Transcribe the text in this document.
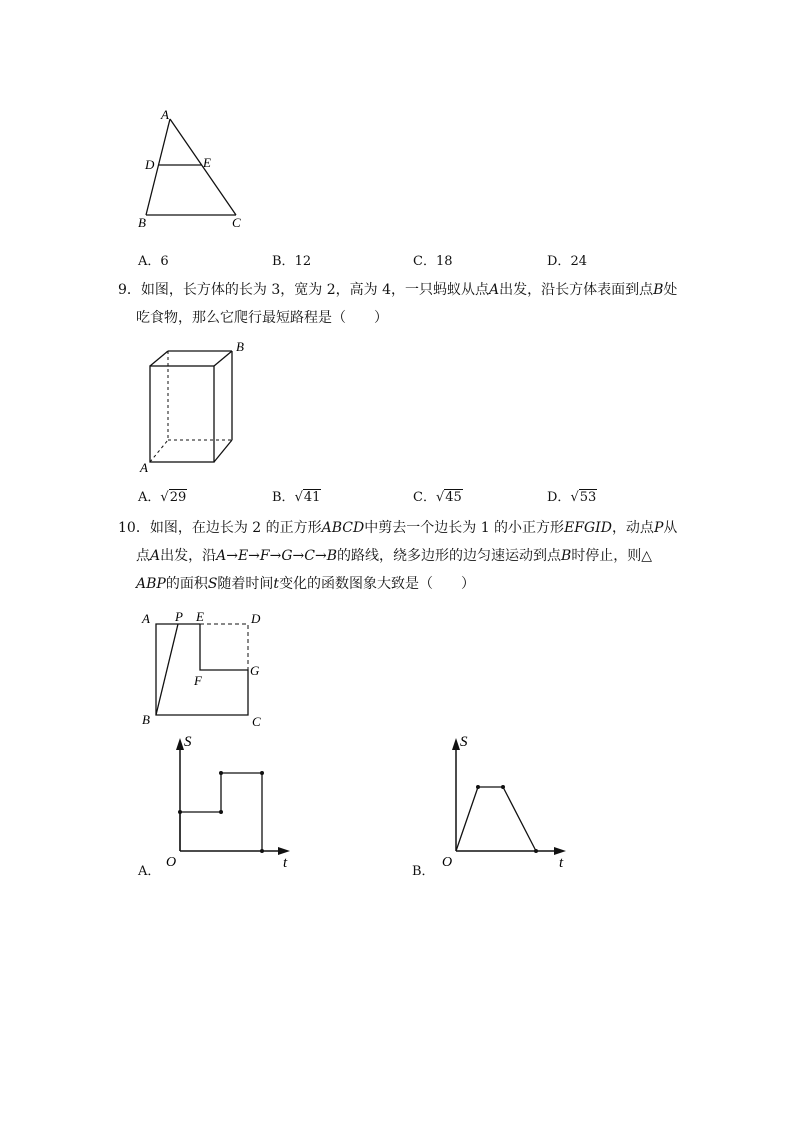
A
D	E
B	C
A．6	B．12	C．18	D．24
9．如图，长方体的长为 3，宽为 2，高为 4，一只蚂蚁从点A出发，沿长方体表面到点B处
吃食物，那么它爬行最短路程是（　　）
B
A
A．√29	B．√41	C．√45	D．√53
10．如图，在边长为 2 的正方形ABCD中剪去一个边长为 1 的小正方形EFGID，动点P从
点A出发，沿A→E→F→G→C→B的路线，绕多边形的边匀速运动到点B时停止，则△
ABP的面积S随着时间t变化的函数图象大致是（　　）
A P E	D
F
G
B	C
S
O	t
A．
S
O	t
B．
